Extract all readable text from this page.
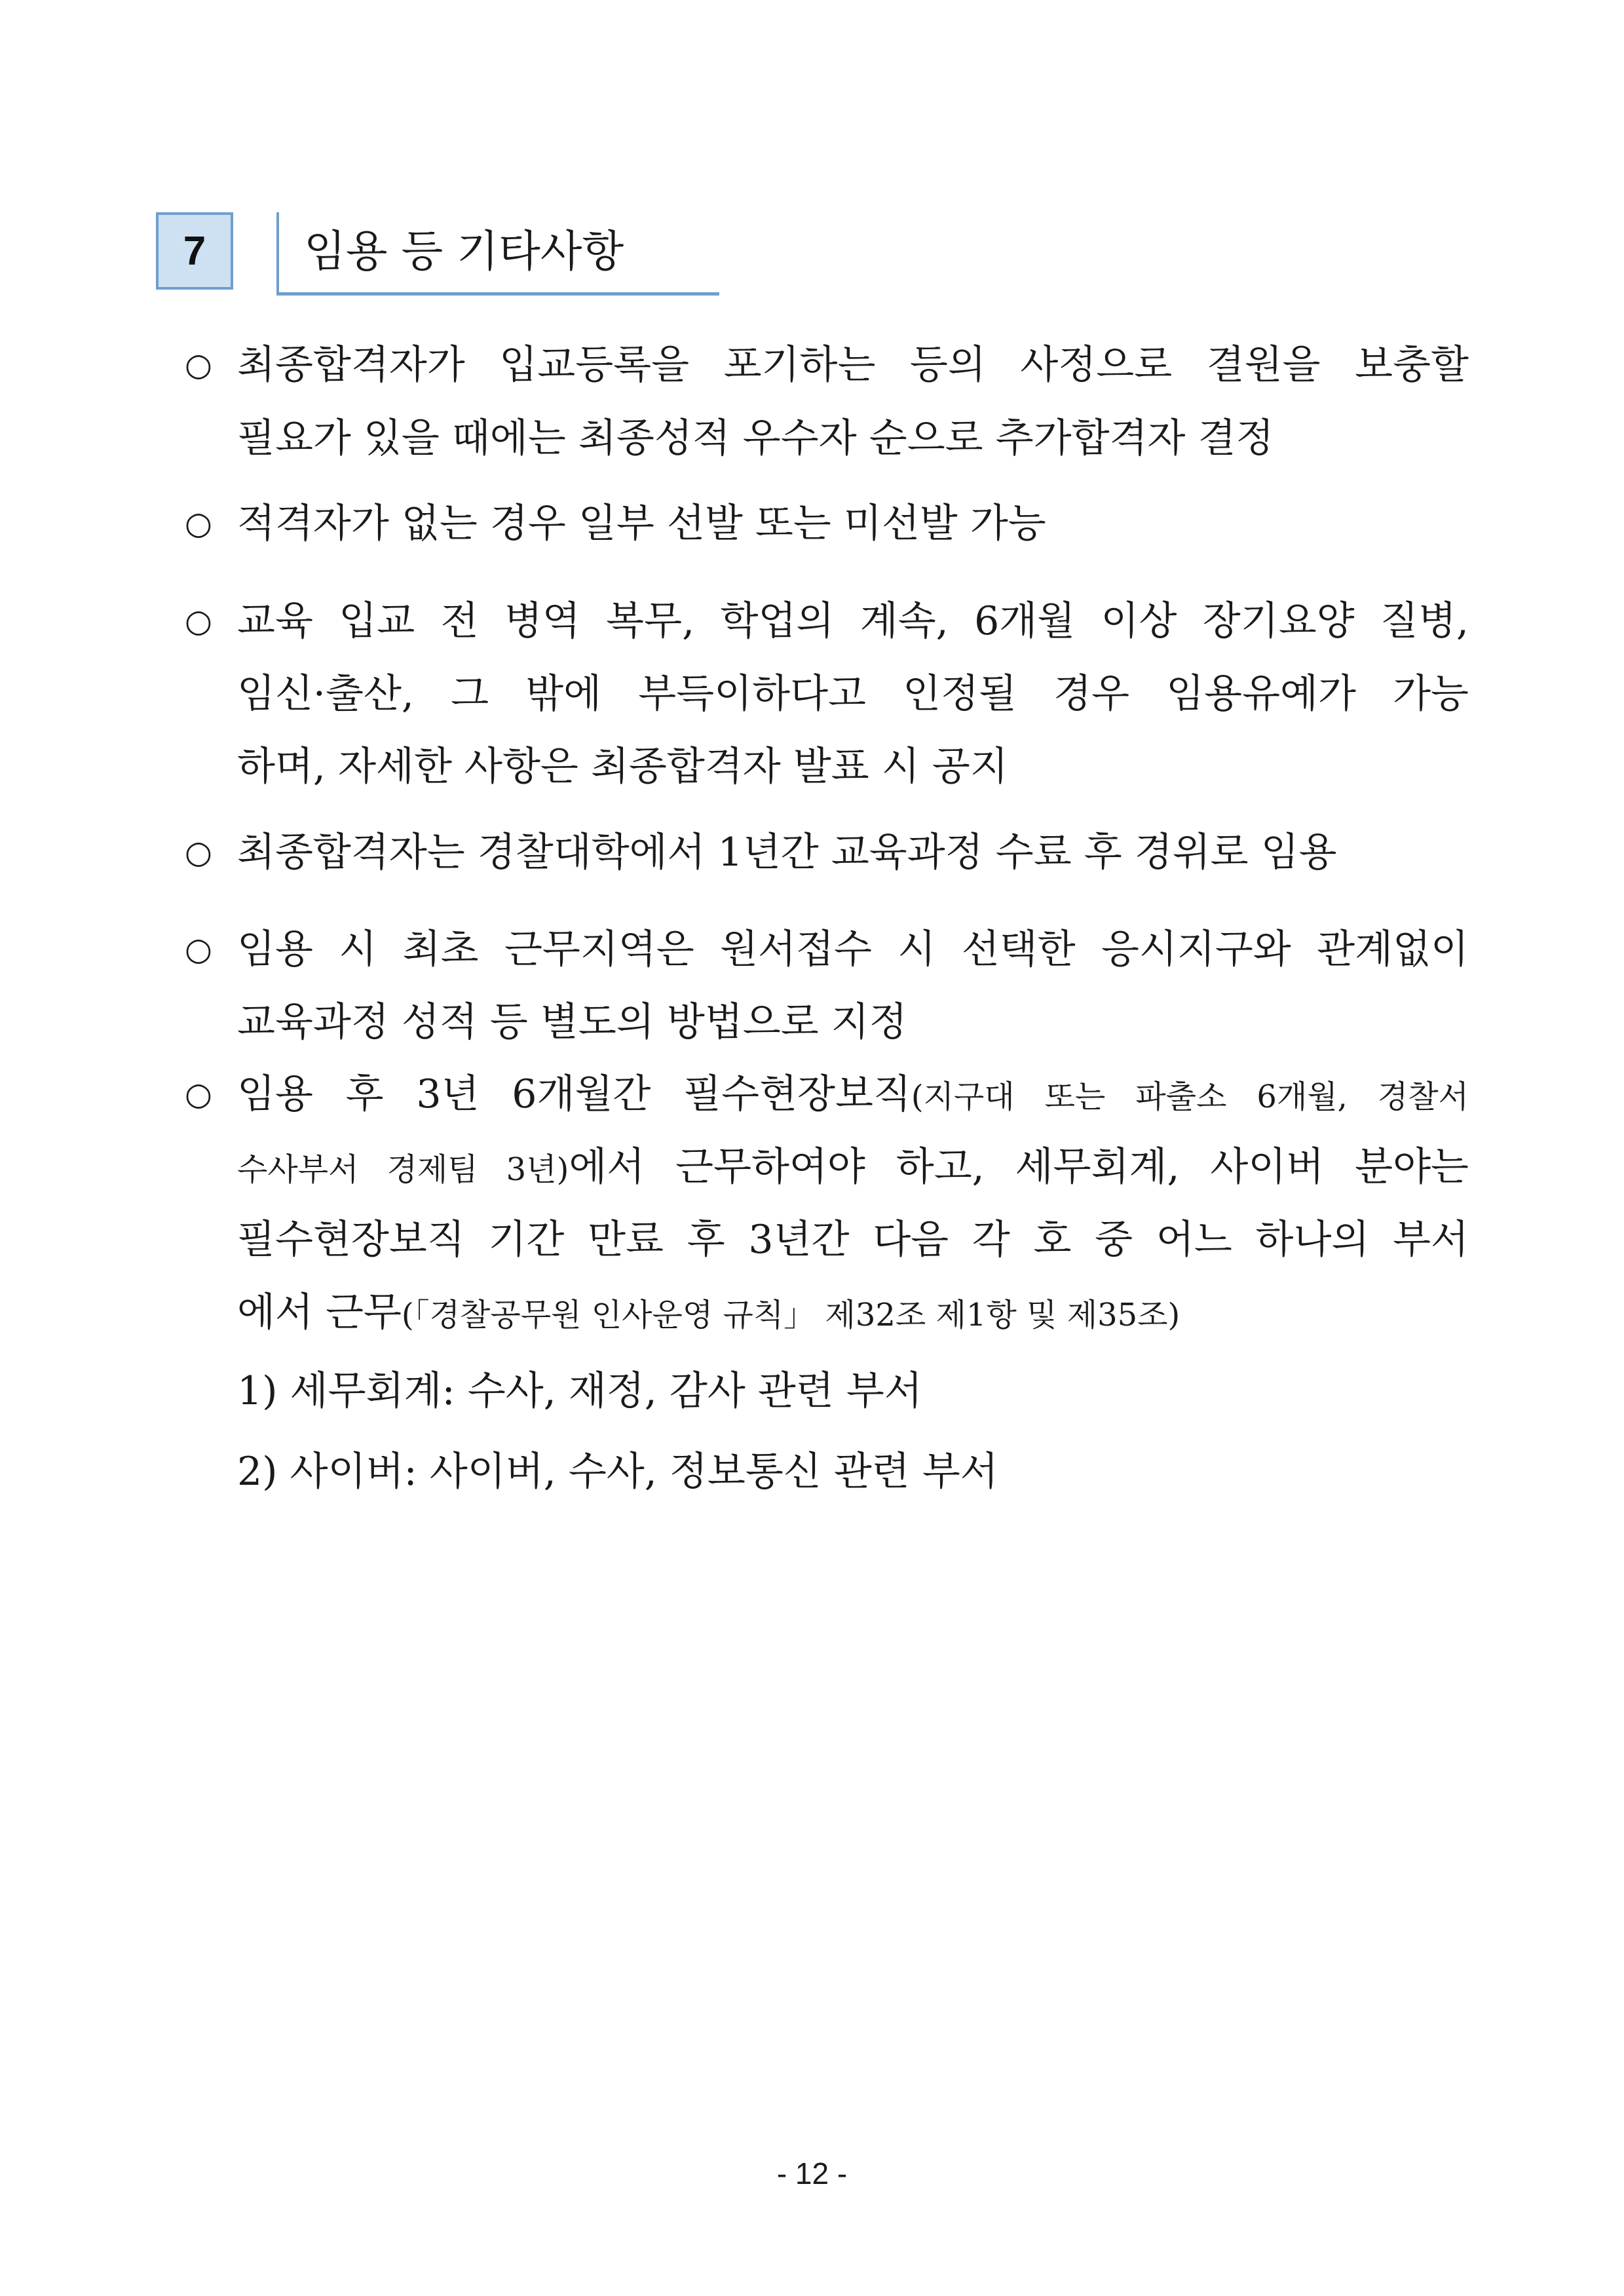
7	임용 등 기타사항
○ 최종합격자가 입교등록을 포기하는 등의 사정으로 결원을 보충할
필요가 있을 때에는 최종성적 우수자 순으로 추가합격자 결정
○ 적격자가 없는 경우 일부 선발 또는 미선발 가능
○ 교육 입교 전 병역 복무, 학업의 계속, 6개월 이상 장기요양 질병,
임신·출산, 그 밖에 부득이하다고 인정될 경우 임용유예가 가능
하며, 자세한 사항은 최종합격자 발표 시 공지
○ 최종합격자는 경찰대학에서 1년간 교육과정 수료 후 경위로 임용
○ 임용 시 최초 근무지역은 원서접수 시 선택한 응시지구와 관계없이
교육과정 성적 등 별도의 방법으로 지정
○ 임용 후 3년 6개월간 필수현장보직(지구대 또는 파출소 6개월, 경찰서
수사부서 경제팀 3년)에서 근무하여야 하고, 세무회계, 사이버 분야는
필수현장보직 기간 만료 후 3년간 다음 각 호 중 어느 하나의 부서
에서 근무(「경찰공무원 인사운영 규칙」 제32조 제1항 및 제35조)
1) 세무회계: 수사, 재정, 감사 관련 부서
2) 사이버: 사이버, 수사, 정보통신 관련 부서
- 12 -
